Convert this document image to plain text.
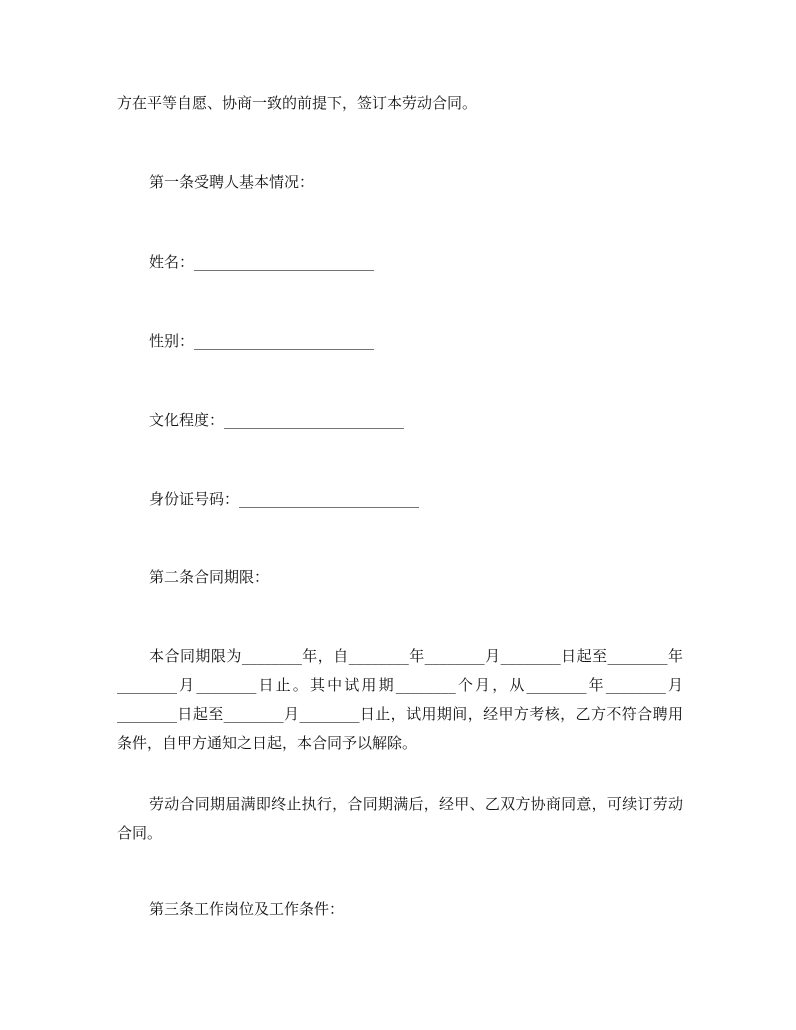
方在平等自愿、协商一致的前提下，签订本劳动合同。
第一条受聘人基本情况：
姓名：________________________
性别：________________________
文化程度：________________________
身份证号码：________________________
第二条合同期限：
本合同期限为________年，自________年________月________日起至________年________月________日止。其中试用期________个月，从________年________月________日起至________月________日止，试用期间，经甲方考核，乙方不符合聘用条件，自甲方通知之日起，本合同予以解除。
劳动合同期届满即终止执行，合同期满后，经甲、乙双方协商同意，可续订劳动合同。
第三条工作岗位及工作条件：
